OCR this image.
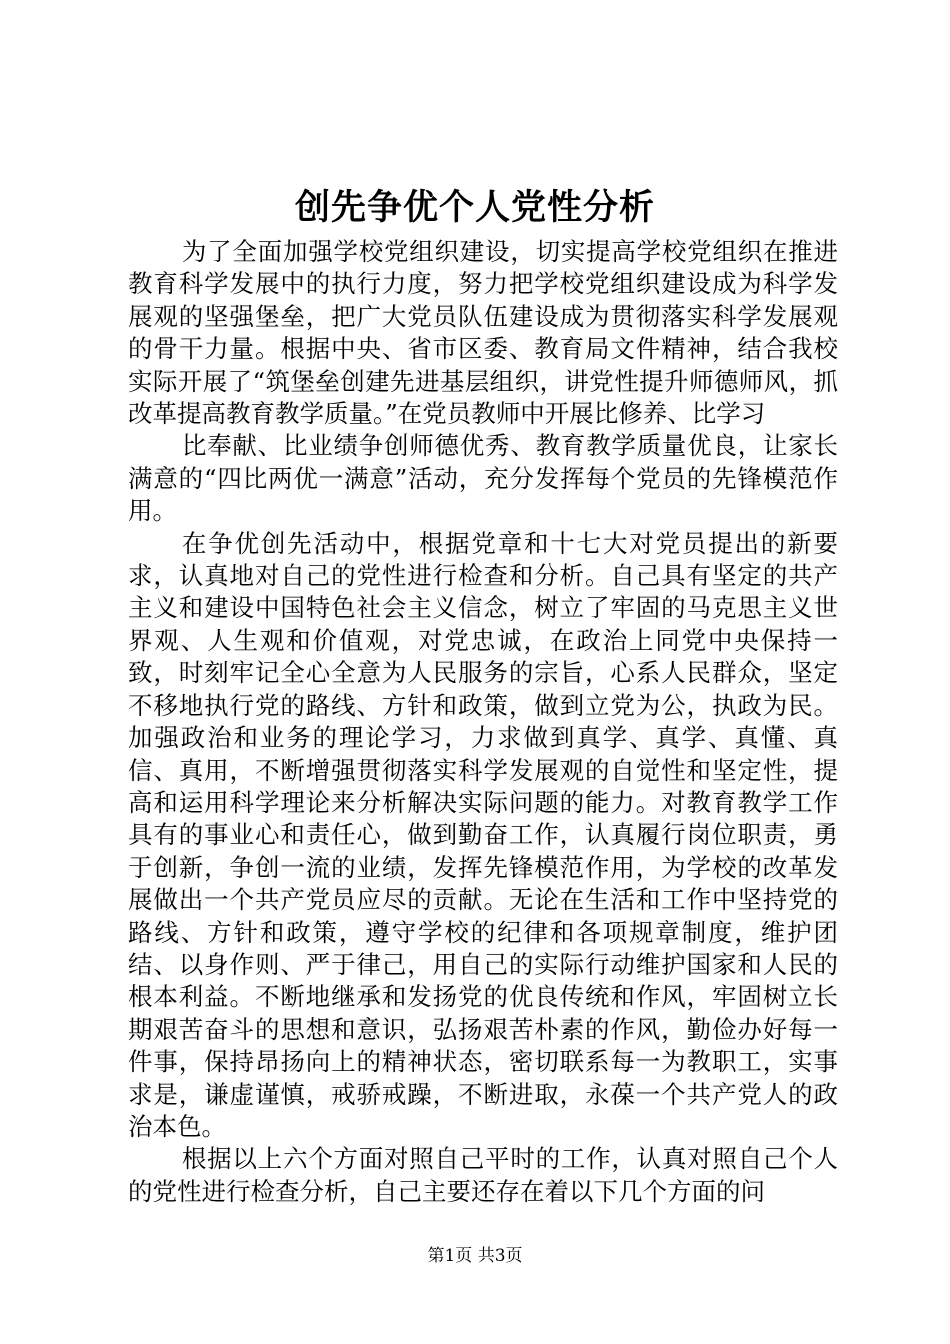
创先争优个人党性分析

为了全面加强学校党组织建设，切实提高学校党组织在推进教育科学发展中的执行力度，努力把学校党组织建设成为科学发展观的坚强堡垒，把广大党员队伍建设成为贯彻落实科学发展观的骨干力量。根据中央、省市区委、教育局文件精神，结合我校实际开展了“筑堡垒创建先进基层组织，讲党性提升师德师风，抓改革提高教育教学质量。”在党员教师中开展比修养、比学习

比奉献、比业绩争创师德优秀、教育教学质量优良，让家长满意的“四比两优一满意”活动，充分发挥每个党员的先锋模范作用。

在争优创先活动中，根据党章和十七大对党员提出的新要求，认真地对自己的党性进行检查和分析。自己具有坚定的共产主义和建设中国特色社会主义信念，树立了牢固的马克思主义世界观、人生观和价值观，对党忠诚，在政治上同党中央保持一致，时刻牢记全心全意为人民服务的宗旨，心系人民群众，坚定不移地执行党的路线、方针和政策，做到立党为公，执政为民。加强政治和业务的理论学习，力求做到真学、真学、真懂、真信、真用，不断增强贯彻落实科学发展观的自觉性和坚定性，提高和运用科学理论来分析解决实际问题的能力。对教育教学工作具有的事业心和责任心，做到勤奋工作，认真履行岗位职责，勇于创新，争创一流的业绩，发挥先锋模范作用，为学校的改革发展做出一个共产党员应尽的贡献。无论在生活和工作中坚持党的路线、方针和政策，遵守学校的纪律和各项规章制度，维护团结、以身作则、严于律己，用自己的实际行动维护国家和人民的根本利益。不断地继承和发扬党的优良传统和作风，牢固树立长期艰苦奋斗的思想和意识，弘扬艰苦朴素的作风，勤俭办好每一件事，保持昂扬向上的精神状态，密切联系每一为教职工，实事求是，谦虚谨慎，戒骄戒躁，不断进取，永葆一个共产党人的政治本色。

根据以上六个方面对照自己平时的工作，认真对照自己个人的党性进行检查分析，自己主要还存在着以下几个方面的问

第1页 共3页
